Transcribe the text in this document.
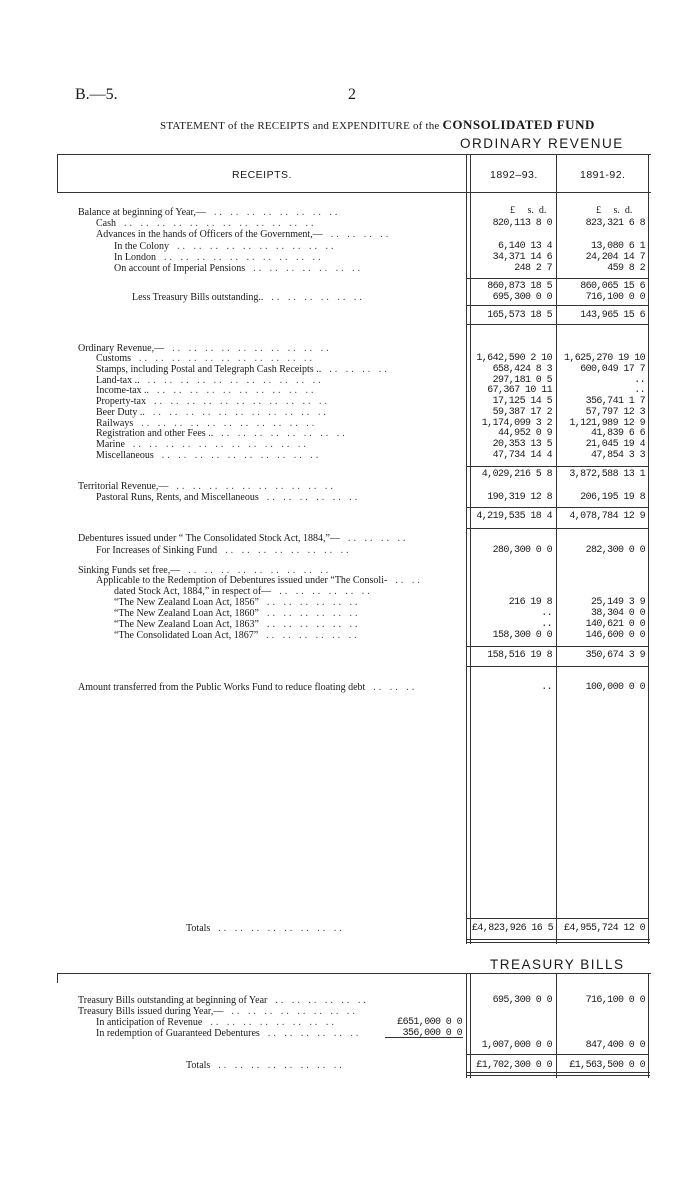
B.—5.	2
STATEMENT of the RECEIPTS and EXPENDITURE of the CONSOLIDATED FUND
ORDINARY REVENUE
RECEIPTS.	1892–93.	1891-92.
£     s.  d.	£     s.  d.
Balance at beginning of Year,—
Cash	820,113 8 0	823,321 6 8
Advances in the hands of Officers of the Government,—
In the Colony	6,140 13 4	13,080 6 1
In London	34,371 14 6	24,204 14 7
On account of Imperial Pensions	248 2 7	459 8 2
860,873 18 5	860,065 15 6
Less Treasury Bills outstanding..	695,300 0 0	716,100 0 0
165,573 18 5	143,965 15 6
Ordinary Revenue,—
Customs	1,642,590 2 10	1,625,270 19 10
Stamps, including Postal and Telegraph Cash Receipts ..	658,424 8 3	600,049 17 7
Land-tax ..	297,181 0 5	..
Income-tax ..	67,367 10 11	..
Property-tax	17,125 14 5	356,741 1 7
Beer Duty ..	59,387 17 2	57,797 12 3
Railways	1,174,099 3 2	1,121,989 12 9
Registration and other Fees ..	44,952 0 9	41,839 6 6
Marine	20,353 13 5	21,045 19 4
Miscellaneous	47,734 14 4	47,854 3 3
4,029,216 5 8	3,872,588 13 1
Territorial Revenue,—
Pastoral Runs, Rents, and Miscellaneous	190,319 12 8	206,195 19 8
4,219,535 18 4	4,078,784 12 9
Debentures issued under “ The Consolidated Stock Act, 1884,”—
For Increases of Sinking Fund	280,300 0 0	282,300 0 0
Sinking Funds set free,—
Applicable to the Redemption of Debentures issued under “The Consoli-
dated Stock Act, 1884,” in respect of—
“The New Zealand Loan Act, 1856”	216 19 8	25,149 3 9
“The New Zealand Loan Act, 1860”	..	38,304 0 0
“The New Zealand Loan Act, 1863”	..	140,621 0 0
“The Consolidated Loan Act, 1867”	158,300 0 0	146,600 0 0
158,516 19 8	350,674 3 9
Amount transferred from the Public Works Fund to reduce floating debt	..	100,000 0 0
Totals	£4,823,926 16 5	£4,955,724 12 0
.. .. .. .. .. .. .. ..
.. .. .. .. .. .. .. .. .. .. .. ..
.. .. .. ..
.. .. .. .. .. .. .. .. .. ..
.. .. .. .. .. .. .. .. .. ..
.. .. .. .. .. .. ..
.. .. .. .. .. ..
.. .. .. .. .. .. .. .. .. ..
.. .. .. .. .. .. .. .. .. .. ..
.. .. .. ..
.. .. .. .. .. .. .. .. .. .. ..
.. .. .. .. .. .. .. .. .. ..
.. .. .. .. .. .. .. .. .. .. ..
.. .. .. .. .. .. .. .. .. .. ..
.. .. .. .. .. .. .. .. .. .. ..
.. .. .. .. .. .. .. ..
.. .. .. .. .. .. .. .. .. .. ..
.. .. .. .. .. .. .. .. .. ..
.. .. .. .. .. .. .. .. .. ..
.. .. .. .. .. ..
.. .. .. ..
.. .. .. .. .. .. .. ..
.. .. .. .. .. .. .. .. ..
.. ..
.. .. .. .. .. ..
.. .. .. .. .. ..
.. .. .. .. .. ..
.. .. .. .. .. ..
.. .. .. .. .. ..
.. .. ..
.. .. .. .. .. .. .. ..
TREASURY BILLS
Treasury Bills outstanding at beginning of Year	695,300 0 0	716,100 0 0
Treasury Bills issued during Year,—
In anticipation of Revenue	£651,000 0 0
In redemption of Guaranteed Debentures	356,000 0 0
1,007,000 0 0	847,400 0 0
Totals	£1,702,300 0 0	£1,563,500 0 0
.. .. .. .. .. ..
.. .. .. .. .. .. .. ..
.. .. .. .. .. .. .. ..
.. .. .. .. .. ..
.. .. .. .. .. .. .. ..
